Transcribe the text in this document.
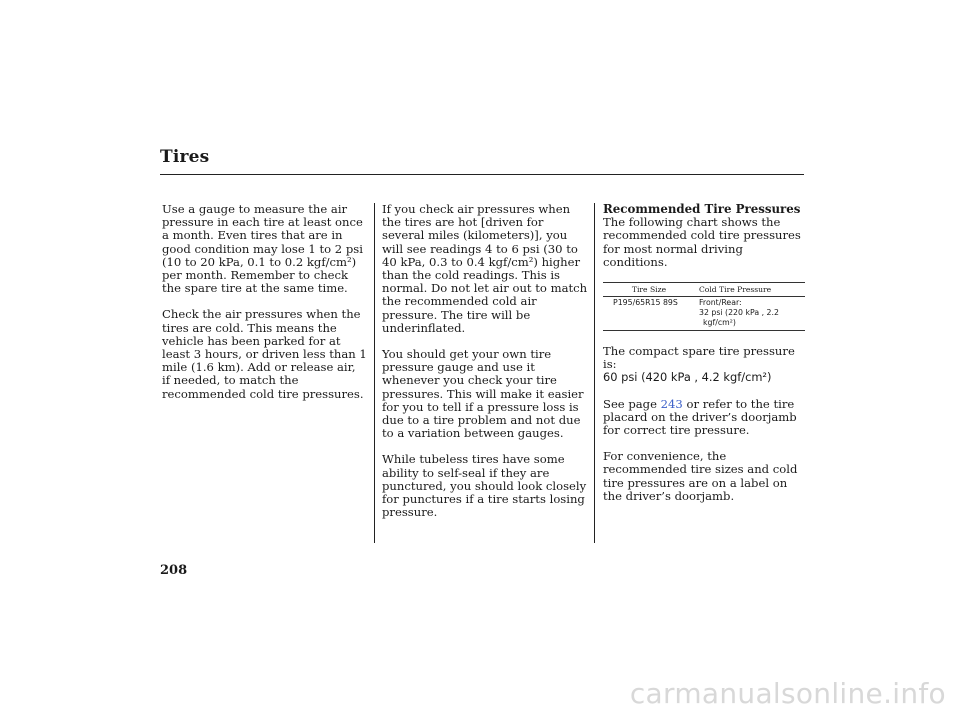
Tires

Use a gauge to measure the air pressure in each tire at least once a month. Even tires that are in good condition may lose 1 to 2 psi (10 to 20 kPa, 0.1 to 0.2 kgf/cm²) per month. Remember to check the spare tire at the same time.

Check the air pressures when the tires are cold. This means the vehicle has been parked for at least 3 hours, or driven less than 1 mile (1.6 km). Add or release air, if needed, to match the recommended cold tire pressures.

If you check air pressures when the tires are hot [driven for several miles (kilometers)], you will see readings 4 to 6 psi (30 to 40 kPa, 0.3 to 0.4 kgf/cm²) higher than the cold readings. This is normal. Do not let air out to match the recommended cold air pressure. The tire will be underinflated.

You should get your own tire pressure gauge and use it whenever you check your tire pressures. This will make it easier for you to tell if a pressure loss is due to a tire problem and not due to a variation between gauges.

While tubeless tires have some ability to self-seal if they are punctured, you should look closely for punctures if a tire starts losing pressure.

Recommended Tire Pressures
The following chart shows the recommended cold tire pressures for most normal driving conditions.
Tire Size	Cold Tire Pressure

P195/65R15 89S	Front/Rear:
32 psi (220 kPa , 2.2
kgf/cm²)
The compact spare tire pressure is:
60 psi (420 kPa , 4.2 kgf/cm²)

See page 243 or refer to the tire placard on the driver’s doorjamb for correct tire pressure.

For convenience, the recommended tire sizes and cold tire pressures are on a label on the driver’s doorjamb.

208
carmanualsonline.info
